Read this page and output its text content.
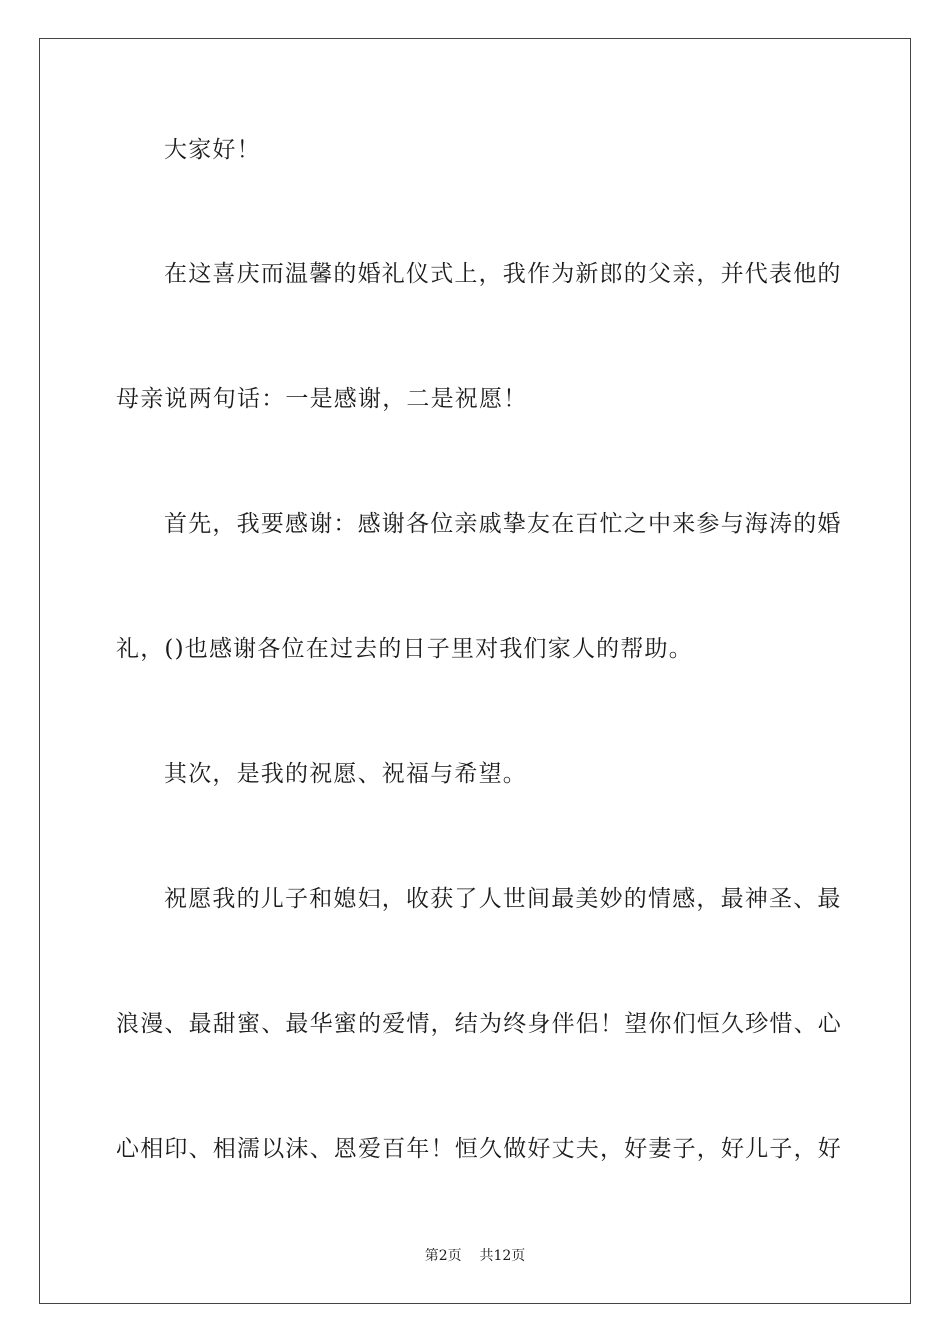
大家好！
在这喜庆而温馨的婚礼仪式上，我作为新郎的父亲，并代表他的
母亲说两句话：一是感谢，二是祝愿！
首先，我要感谢：感谢各位亲戚挚友在百忙之中来参与海涛的婚
礼，()也感谢各位在过去的日子里对我们家人的帮助。
其次，是我的祝愿、祝福与希望。
祝愿我的儿子和媳妇，收获了人世间最美妙的情感，最神圣、最
浪漫、最甜蜜、最华蜜的爱情，结为终身伴侣！望你们恒久珍惜、心
心相印、相濡以沫、恩爱百年！恒久做好丈夫，好妻子，好儿子，好
第2页    共12页
